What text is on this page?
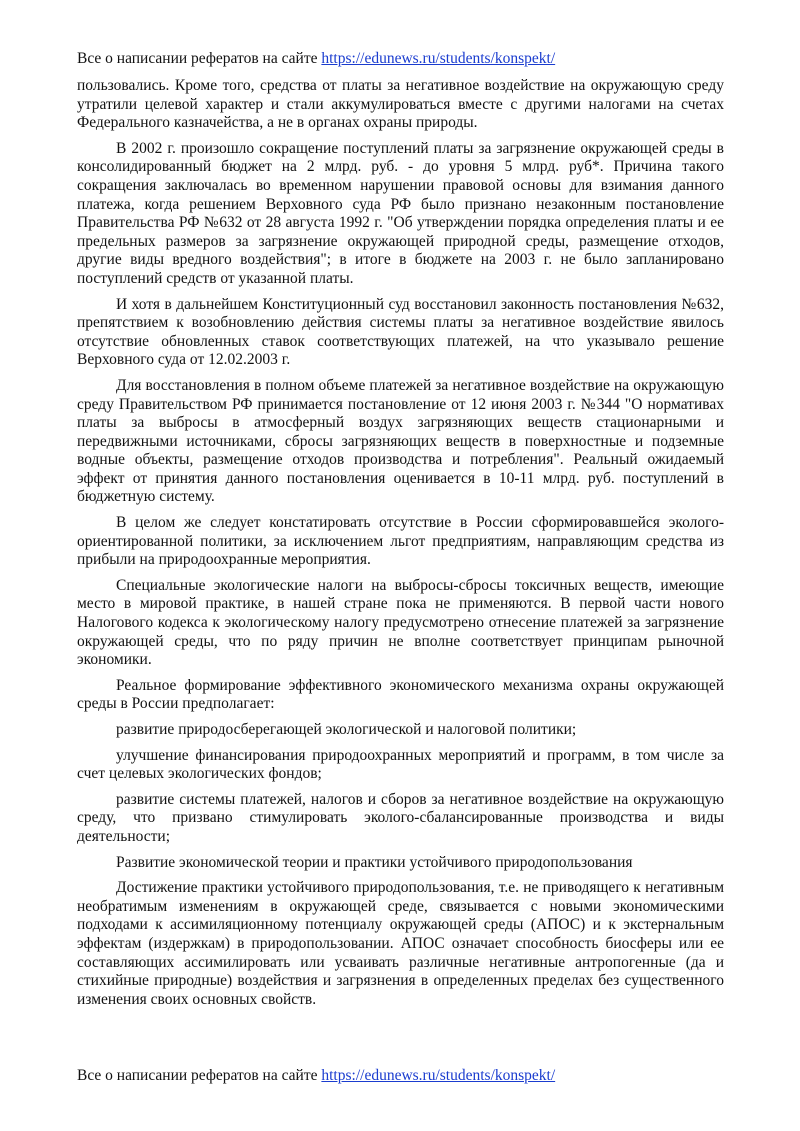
Все о написании рефератов на сайте https://edunews.ru/students/konspekt/

пользовались. Кроме того, средства от платы за негативное воздействие на окружающую среду утратили целевой характер и стали аккумулироваться вместе с другими налогами на счетах Федерального казначейства, а не в органах охраны природы.

В 2002 г. произошло сокращение поступлений платы за загрязнение окружающей среды в консолидированный бюджет на 2 млрд. руб. - до уровня 5 млрд. руб*. Причина такого сокращения заключалась во временном нарушении правовой основы для взимания данного платежа, когда решением Верховного суда РФ было признано незаконным постановление Правительства РФ №632 от 28 августа 1992 г. "Об утверждении порядка определения платы и ее предельных размеров за загрязнение окружающей природной среды, размещение отходов, другие виды вредного воздействия"; в итоге в бюджете на 2003 г. не было запланировано поступлений средств от указанной платы.

И хотя в дальнейшем Конституционный суд восстановил законность постановления №632, препятствием к возобновлению действия системы платы за негативное воздействие явилось отсутствие обновленных ставок соответствующих платежей, на что указывало решение Верховного суда от 12.02.2003 г.

Для восстановления в полном объеме платежей за негативное воздействие на окружающую среду Правительством РФ принимается постановление от 12 июня 2003 г. №344 "О нормативах платы за выбросы в атмосферный воздух загрязняющих веществ стационарными и передвижными источниками, сбросы загрязняющих веществ в поверхностные и подземные водные объекты, размещение отходов производства и потребления". Реальный ожидаемый эффект от принятия данного постановления оценивается в 10-11 млрд. руб. поступлений в бюджетную систему.

В целом же следует констатировать отсутствие в России сформировавшейся эколого-ориентированной политики, за исключением льгот предприятиям, направляющим средства из прибыли на природоохранные мероприятия.

Специальные экологические налоги на выбросы-сбросы токсичных веществ, имеющие место в мировой практике, в нашей стране пока не применяются. В первой части нового Налогового кодекса к экологическому налогу предусмотрено отнесение платежей за загрязнение окружающей среды, что по ряду причин не вполне соответствует принципам рыночной экономики.

Реальное формирование эффективного экономического механизма охраны окружающей среды в России предполагает:

развитие природосберегающей экологической и налоговой политики;

улучшение финансирования природоохранных мероприятий и программ, в том числе за счет целевых экологических фондов;

развитие системы платежей, налогов и сборов за негативное воздействие на окружающую среду, что призвано стимулировать эколого-сбалансированные производства и виды деятельности;

Развитие экономической теории и практики устойчивого природопользования

Достижение практики устойчивого природопользования, т.е. не приводящего к негативным необратимым изменениям в окружающей среде, связывается с новыми экономическими подходами к ассимиляционному потенциалу окружающей среды (АПОС) и к экстернальным эффектам (издержкам) в природопользовании. АПОС означает способность биосферы или ее составляющих ассимилировать или усваивать различные негативные антропогенные (да и стихийные природные) воздействия и загрязнения в определенных пределах без существенного изменения своих основных свойств.

Все о написании рефератов на сайте https://edunews.ru/students/konspekt/
